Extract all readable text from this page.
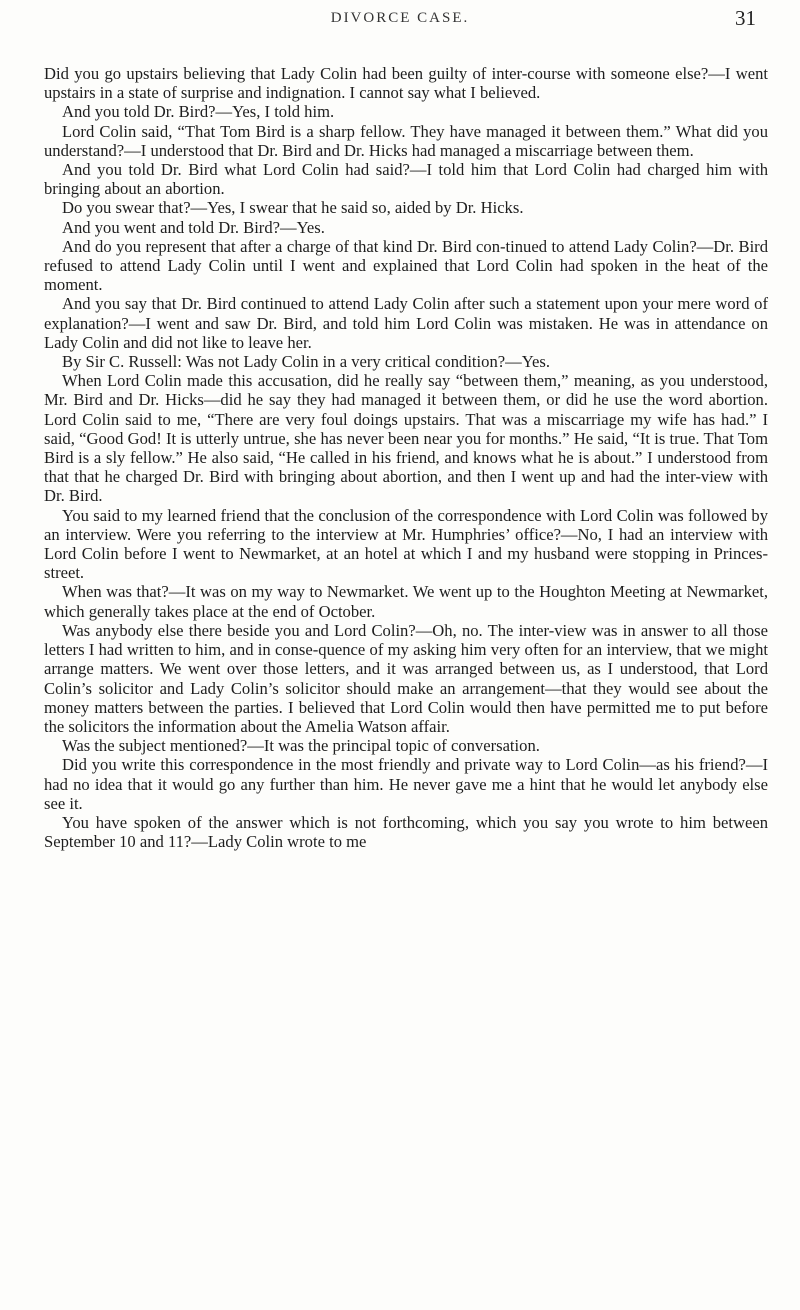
DIVORCE CASE.	31

Did you go upstairs believing that Lady Colin had been guilty of inter-course with someone else?—I went upstairs in a state of surprise and indignation. I cannot say what I believed.

And you told Dr. Bird?—Yes, I told him.

Lord Colin said, “That Tom Bird is a sharp fellow. They have managed it between them.” What did you understand?—I understood that Dr. Bird and Dr. Hicks had managed a miscarriage between them.

And you told Dr. Bird what Lord Colin had said?—I told him that Lord Colin had charged him with bringing about an abortion.

Do you swear that?—Yes, I swear that he said so, aided by Dr. Hicks.

And you went and told Dr. Bird?—Yes.

And do you represent that after a charge of that kind Dr. Bird con-tinued to attend Lady Colin?—Dr. Bird refused to attend Lady Colin until I went and explained that Lord Colin had spoken in the heat of the moment.

And you say that Dr. Bird continued to attend Lady Colin after such a statement upon your mere word of explanation?—I went and saw Dr. Bird, and told him Lord Colin was mistaken. He was in attendance on Lady Colin and did not like to leave her.

By Sir C. Russell: Was not Lady Colin in a very critical condition?—Yes.

When Lord Colin made this accusation, did he really say “between them,” meaning, as you understood, Mr. Bird and Dr. Hicks—did he say they had managed it between them, or did he use the word abortion. Lord Colin said to me, “There are very foul doings upstairs. That was a miscarriage my wife has had.” I said, “Good God! It is utterly untrue, she has never been near you for months.” He said, “It is true. That Tom Bird is a sly fellow.” He also said, “He called in his friend, and knows what he is about.” I understood from that that he charged Dr. Bird with bringing about abortion, and then I went up and had the inter-view with Dr. Bird.

You said to my learned friend that the conclusion of the correspondence with Lord Colin was followed by an interview. Were you referring to the interview at Mr. Humphries’ office?—No, I had an interview with Lord Colin before I went to Newmarket, at an hotel at which I and my husband were stopping in Princes-street.

When was that?—It was on my way to Newmarket. We went up to the Houghton Meeting at Newmarket, which generally takes place at the end of October.

Was anybody else there beside you and Lord Colin?—Oh, no. The inter-view was in answer to all those letters I had written to him, and in conse-quence of my asking him very often for an interview, that we might arrange matters. We went over those letters, and it was arranged between us, as I understood, that Lord Colin’s solicitor and Lady Colin’s solicitor should make an arrangement—that they would see about the money matters between the parties. I believed that Lord Colin would then have permitted me to put before the solicitors the information about the Amelia Watson affair.

Was the subject mentioned?—It was the principal topic of conversation.

Did you write this correspondence in the most friendly and private way to Lord Colin—as his friend?—I had no idea that it would go any further than him. He never gave me a hint that he would let anybody else see it.

You have spoken of the answer which is not forthcoming, which you say you wrote to him between September 10 and 11?—Lady Colin wrote to me
